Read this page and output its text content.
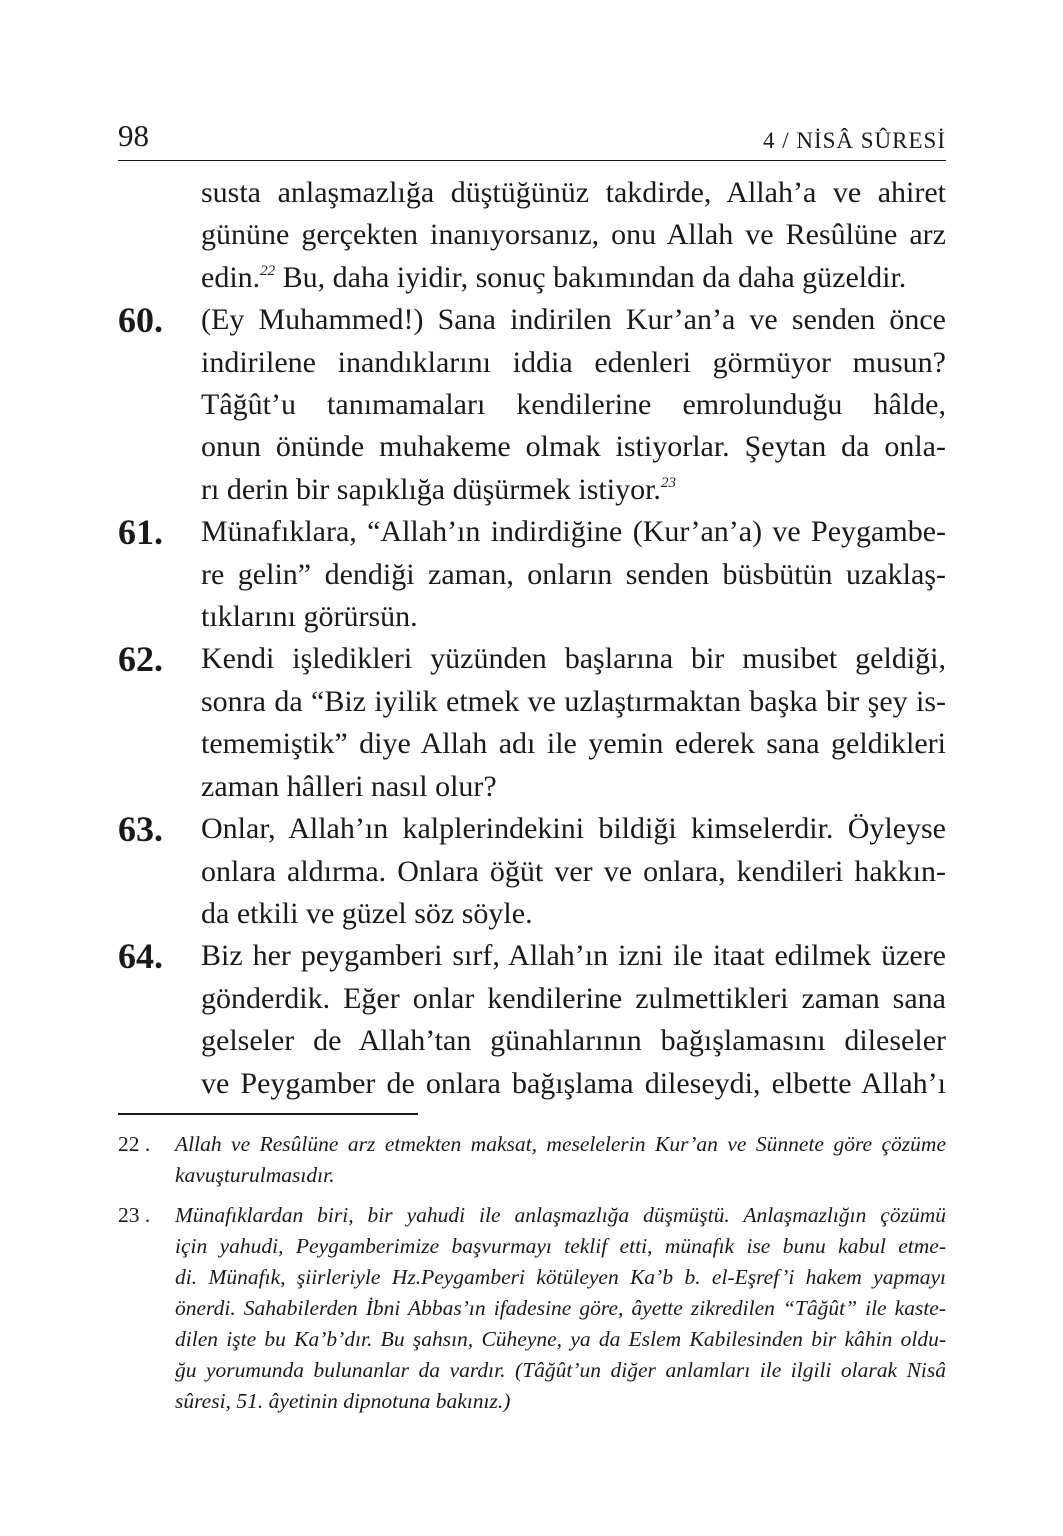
98	4 / NİSÂ SÛRESİ
susta anlaşmazlığa düştüğünüz takdirde, Allah’a ve ahiret
gününe gerçekten inanıyorsanız, onu Allah ve Resûlüne arz
edin.$^{22}$ Bu, daha iyidir, sonuç bakımından da daha güzeldir.
60. (Ey Muhammed!) Sana indirilen Kur’an’a ve senden önce
indirilene inandıklarını iddia edenleri görmüyor musun?
Tâğût’u tanımamaları kendilerine emrolunduğu hâlde,
onun önünde muhakeme olmak istiyorlar. Şeytan da onla-
rı derin bir sapıklığa düşürmek istiyor.$^{23}$
61. Münafıklara, “Allah’ın indirdiğine (Kur’an’a) ve Peygambe-
re gelin” dendiği zaman, onların senden büsbütün uzaklaş-
tıklarını görürsün.
62. Kendi işledikleri yüzünden başlarına bir musibet geldiği,
sonra da “Biz iyilik etmek ve uzlaştırmaktan başka bir şey is-
tememiştik” diye Allah adı ile yemin ederek sana geldikleri
zaman hâlleri nasıl olur?
63. Onlar, Allah’ın kalplerindekini bildiği kimselerdir. Öyleyse
onlara aldırma. Onlara öğüt ver ve onlara, kendileri hakkın-
da etkili ve güzel söz söyle.
64. Biz her peygamberi sırf, Allah’ın izni ile itaat edilmek üzere
gönderdik. Eğer onlar kendilerine zulmettikleri zaman sana
gelseler de Allah’tan günahlarının bağışlamasını dileseler
ve Peygamber de onlara bağışlama dileseydi, elbette Allah’ı
22 . Allah ve Resûlüne arz etmekten maksat, meselelerin Kur’an ve Sünnete göre çözüme
kavuşturulmasıdır.
23 . Münafıklardan biri, bir yahudi ile anlaşmazlığa düşmüştü. Anlaşmazlığın çözümü
için yahudi, Peygamberimize başvurmayı teklif etti, münafık ise bunu kabul etme-
di. Münafık, şiirleriyle Hz.Peygamberi kötüleyen Ka’b b. el-Eşref’i hakem yapmayı
önerdi. Sahabilerden İbni Abbas’ın ifadesine göre, âyette zikredilen “Tâğût” ile kaste-
dilen işte bu Ka’b’dır. Bu şahsın, Cüheyne, ya da Eslem Kabilesinden bir kâhin oldu-
ğu yorumunda bulunanlar da vardır. (Tâğût’un diğer anlamları ile ilgili olarak Nisâ
sûresi, 51. âyetinin dipnotuna bakınız.)
